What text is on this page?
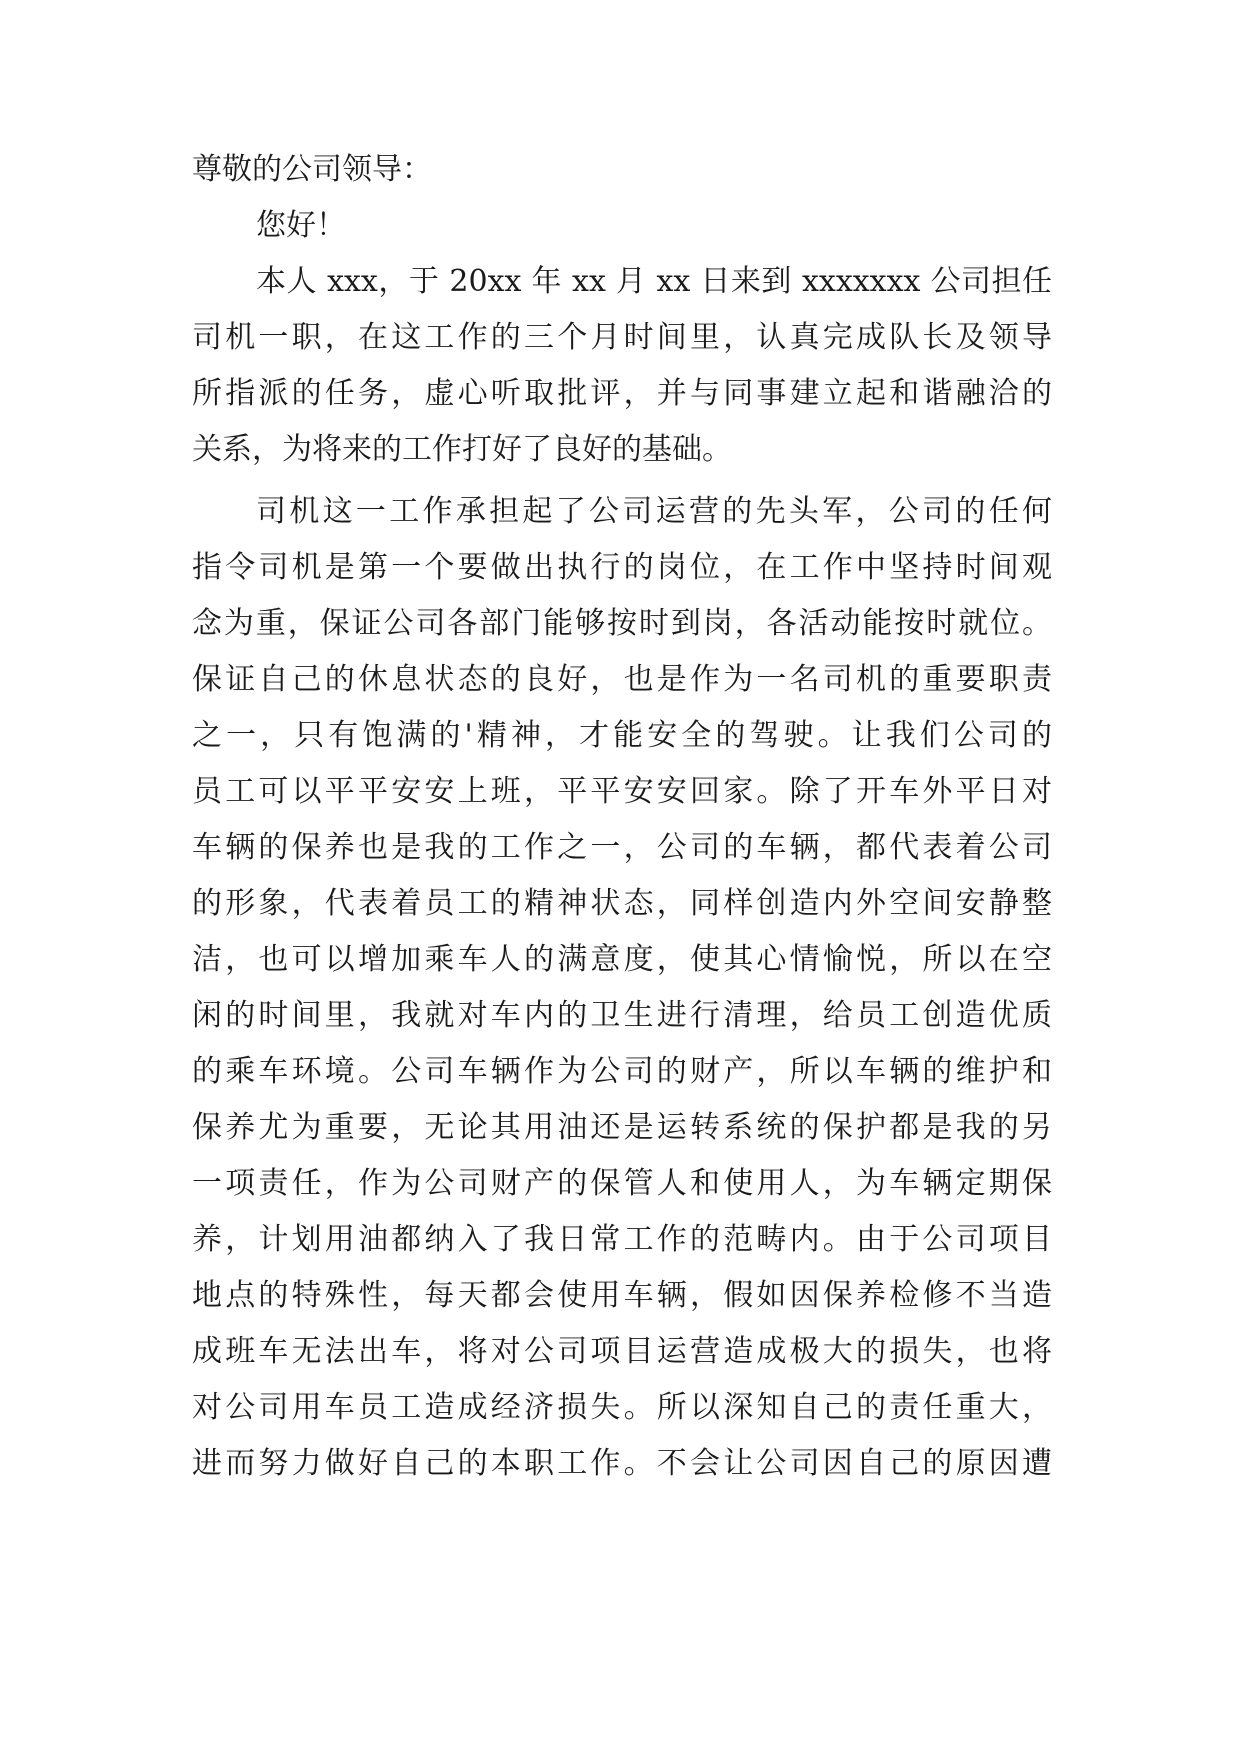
尊敬的公司领导：
您好！
本人 xxx，于 20xx 年 xx 月 xx 日来到 xxxxxxx 公司担任
司机一职，在这工作的三个月时间里，认真完成队长及领导
所指派的任务，虚心听取批评，并与同事建立起和谐融洽的
关系，为将来的工作打好了良好的基础。
司机这一工作承担起了公司运营的先头军，公司的任何
指令司机是第一个要做出执行的岗位，在工作中坚持时间观
念为重，保证公司各部门能够按时到岗，各活动能按时就位。
保证自己的休息状态的良好，也是作为一名司机的重要职责
之一，只有饱满的'精神，才能安全的驾驶。让我们公司的
员工可以平平安安上班，平平安安回家。除了开车外平日对
车辆的保养也是我的工作之一，公司的车辆，都代表着公司
的形象，代表着员工的精神状态，同样创造内外空间安静整
洁，也可以增加乘车人的满意度，使其心情愉悦，所以在空
闲的时间里，我就对车内的卫生进行清理，给员工创造优质
的乘车环境。公司车辆作为公司的财产，所以车辆的维护和
保养尤为重要，无论其用油还是运转系统的保护都是我的另
一项责任，作为公司财产的保管人和使用人，为车辆定期保
养，计划用油都纳入了我日常工作的范畴内。由于公司项目
地点的特殊性，每天都会使用车辆，假如因保养检修不当造
成班车无法出车，将对公司项目运营造成极大的损失，也将
对公司用车员工造成经济损失。所以深知自己的责任重大，
进而努力做好自己的本职工作。不会让公司因自己的原因遭
